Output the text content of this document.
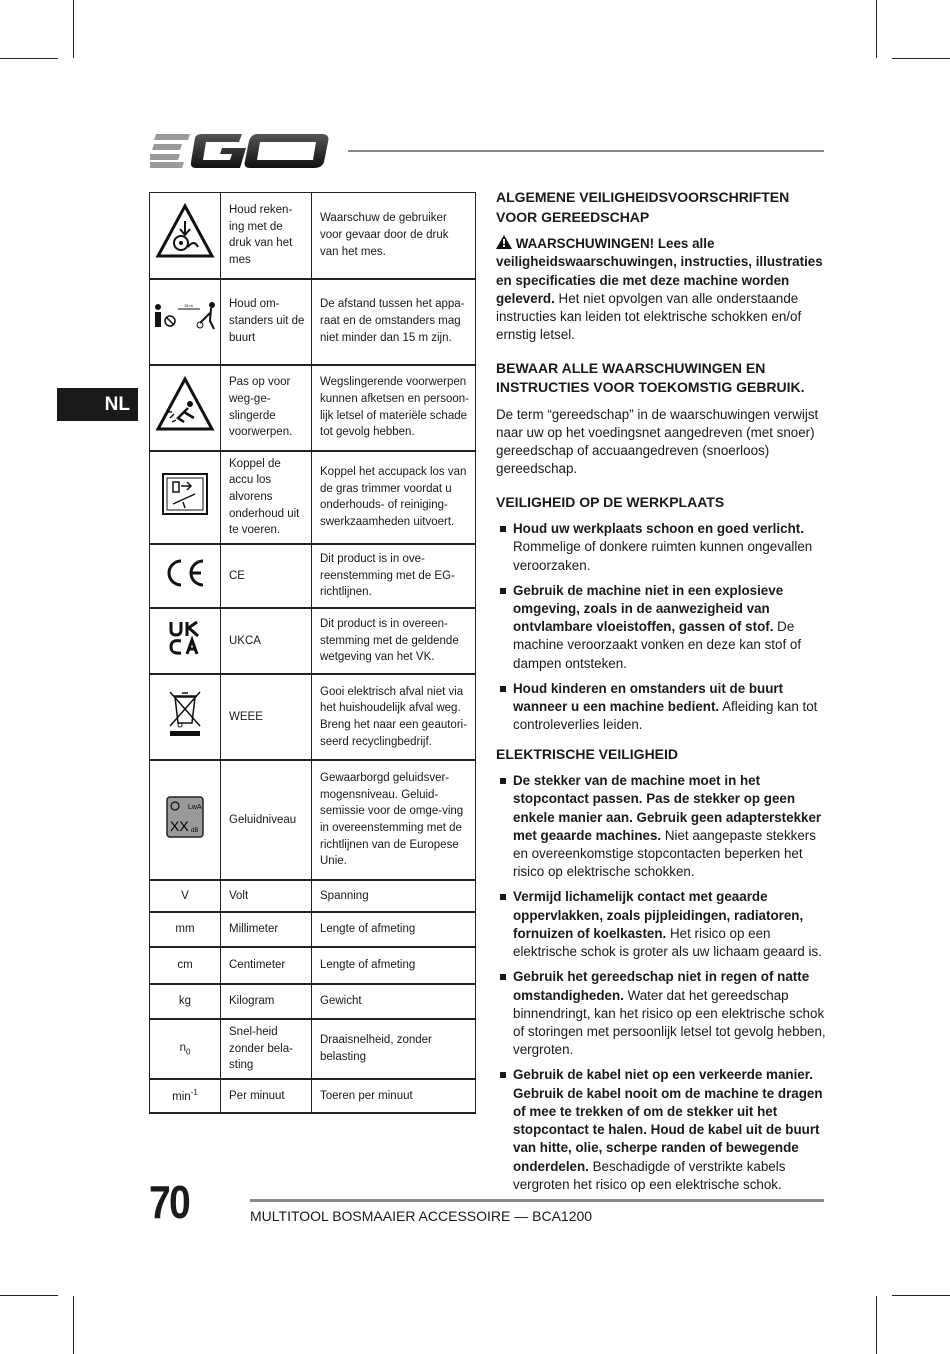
NL
	Houd reken-ing met de druk van het mes	Waarschuw de gebruiker voor gevaar door de druk van het mes.

15 m	Houd om-standers uit de buurt	De afstand tussen het appa-raat en de omstanders mag niet minder dan 15 m zijn.
	Pas op voor weg-ge-slingerde voorwerpen.	Wegslingerende voorwerpen kunnen afketsen en persoon-lijk letsel of materiële schade tot gevolg hebben.
	Koppel de accu los alvorens onderhoud uit te voeren.	Koppel het accupack los van de gras trimmer voordat u onderhouds- of reiniging-swerkzaamheden uitvoert.
	CE	Dit product is in ove-reenstemming met de EG-richtlijnen.
	UKCA	Dit product is in overeen-stemming met de geldende wetgeving van het VK.
	WEEE	Gooi elektrisch afval niet via het huishoudelijk afval weg. Breng het naar een geautori-seerd recyclingbedrijf.

LwA
XX dB	Geluidniveau	Gewaarborgd geluidsver-mogensniveau. Geluid-semissie voor de omge-ving in overeenstemming met de richtlijnen van de Europese Unie.
V	Volt	Spanning
mm	Millimeter	Lengte of afmeting
cm	Centimeter	Lengte of afmeting
kg	Kilogram	Gewicht
$n_0$	Snel-heid zonder bela-sting	Draaisnelheid, zonder belasting
$\min^{-1}$	Per minuut	Toeren per minuut
ALGEMENE VEILIGHEIDSVOORSCHRIFTEN VOOR GEREEDSCHAP

WAARSCHUWINGEN! Lees alle veiligheidswaarschuwingen, instructies, illustraties en specificaties die met deze machine worden geleverd. Het niet opvolgen van alle onderstaande instructies kan leiden tot elektrische schokken en/of ernstig letsel.

BEWAAR ALLE WAARSCHUWINGEN EN INSTRUCTIES VOOR TOEKOMSTIG GEBRUIK.

De term “gereedschap” in de waarschuwingen verwijst naar uw op het voedingsnet aangedreven (met snoer) gereedschap of accuaangedreven (snoerloos) gereedschap.

VEILIGHEID OP DE WERKPLAATS
Houd uw werkplaats schoon en goed verlicht. Rommelige of donkere ruimten kunnen ongevallen veroorzaken.
Gebruik de machine niet in een explosieve omgeving, zoals in de aanwezigheid van ontvlambare vloeistoffen, gassen of stof. De machine veroorzaakt vonken en deze kan stof of dampen ontsteken.
Houd kinderen en omstanders uit de buurt wanneer u een machine bedient. Afleiding kan tot controleverlies leiden.
ELEKTRISCHE VEILIGHEID
De stekker van de machine moet in het stopcontact passen. Pas de stekker op geen enkele manier aan. Gebruik geen adapterstekker met geaarde machines. Niet aangepaste stekkers en overeenkomstige stopcontacten beperken het risico op elektrische schokken.
Vermijd lichamelijk contact met geaarde oppervlakken, zoals pijpleidingen, radiatoren, fornuizen of koelkasten. Het risico op een elektrische schok is groter als uw lichaam geaard is.
Gebruik het gereedschap niet in regen of natte omstandigheden. Water dat het gereedschap binnendringt, kan het risico op een elektrische schok of storingen met persoonlijk letsel tot gevolg hebben, vergroten.
Gebruik de kabel niet op een verkeerde manier. Gebruik de kabel nooit om de machine te dragen of mee te trekken of om de stekker uit het stopcontact te halen. Houd de kabel uit de buurt van hitte, olie, scherpe randen of bewegende onderdelen. Beschadigde of verstrikte kabels vergroten het risico op een elektrische schok.
70	MULTITOOL BOSMAAIER ACCESSOIRE — BCA1200
